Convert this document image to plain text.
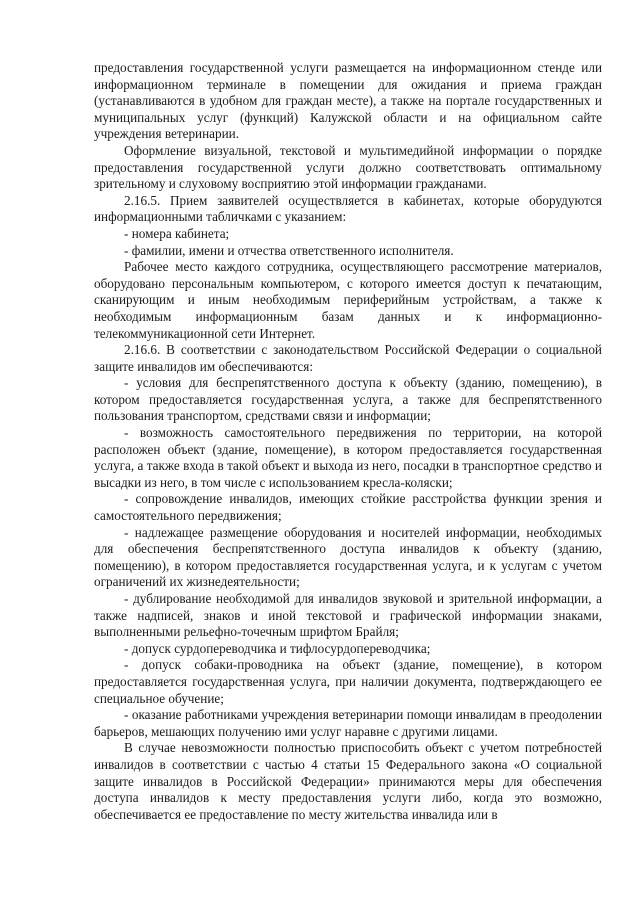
предоставления государственной услуги размещается на информационном стенде или информационном терминале в помещении для ожидания и приема граждан (устанавливаются в удобном для граждан месте), а также на портале государственных и муниципальных услуг (функций) Калужской области и на официальном сайте учреждения ветеринарии.

Оформление визуальной, текстовой и мультимедийной информации о порядке предоставления государственной услуги должно соответствовать оптимальному зрительному и слуховому восприятию этой информации гражданами.

2.16.5. Прием заявителей осуществляется в кабинетах, которые оборудуются информационными табличками с указанием:

- номера кабинета;

- фамилии, имени и отчества ответственного исполнителя.

Рабочее место каждого сотрудника, осуществляющего рассмотрение материалов, оборудовано персональным компьютером, с которого имеется доступ к печатающим, сканирующим и иным необходимым периферийным устройствам, а также к необходимым информационным базам данных и к информационно-телекоммуникационной сети Интернет.

2.16.6. В соответствии с законодательством Российской Федерации о социальной защите инвалидов им обеспечиваются:

- условия для беспрепятственного доступа к объекту (зданию, помещению), в котором предоставляется государственная услуга, а также для беспрепятственного пользования транспортом, средствами связи и информации;

- возможность самостоятельного передвижения по территории, на которой расположен объект (здание, помещение), в котором предоставляется государственная услуга, а также входа в такой объект и выхода из него, посадки в транспортное средство и высадки из него, в том числе с использованием кресла-коляски;

- сопровождение инвалидов, имеющих стойкие расстройства функции зрения и самостоятельного передвижения;

- надлежащее размещение оборудования и носителей информации, необходимых для обеспечения беспрепятственного доступа инвалидов к объекту (зданию, помещению), в котором предоставляется государственная услуга, и к услугам с учетом ограничений их жизнедеятельности;

- дублирование необходимой для инвалидов звуковой и зрительной информации, а также надписей, знаков и иной текстовой и графической информации знаками, выполненными рельефно-точечным шрифтом Брайля;

- допуск сурдопереводчика и тифлосурдопереводчика;

- допуск собаки-проводника на объект (здание, помещение), в котором предоставляется государственная услуга, при наличии документа, подтверждающего ее специальное обучение;

- оказание работниками учреждения ветеринарии помощи инвалидам в преодолении барьеров, мешающих получению ими услуг наравне с другими лицами.

В случае невозможности полностью приспособить объект с учетом потребностей инвалидов в соответствии с частью 4 статьи 15 Федерального закона «О социальной защите инвалидов в Российской Федерации» принимаются меры для обеспечения доступа инвалидов к месту предоставления услуги либо, когда это возможно, обеспечивается ее предоставление по месту жительства инвалида или в
